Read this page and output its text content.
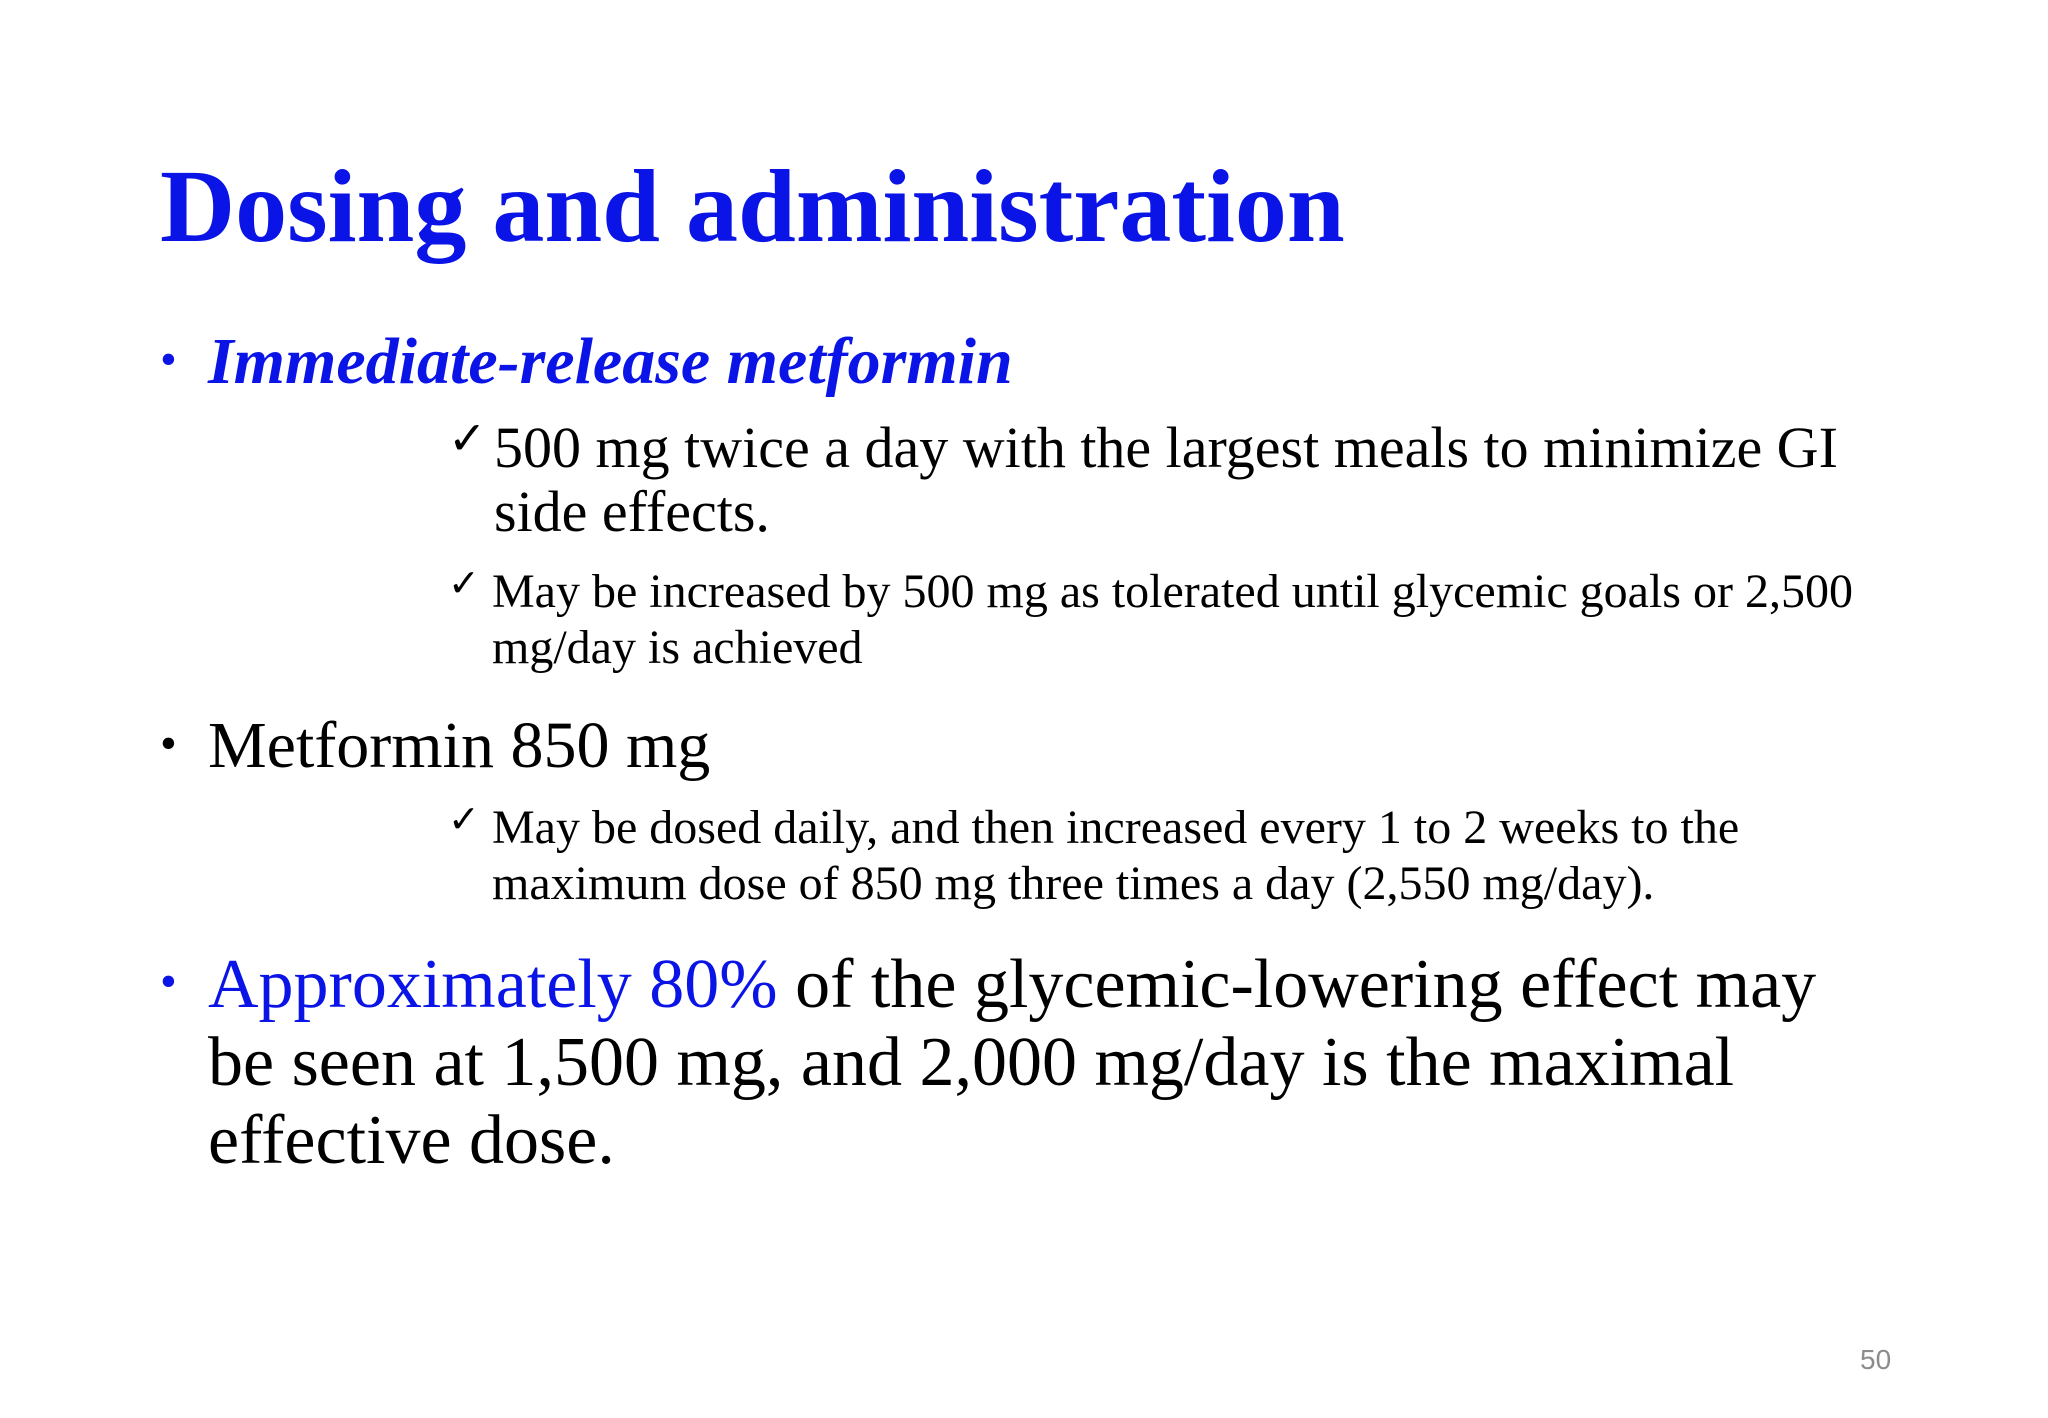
Dosing and administration
• Immediate-release metformin
✓ 500 mg twice a day with the largest meals to minimize GI side effects.
✓ May be increased by 500 mg as tolerated until glycemic goals or 2,500 mg/day is achieved
• Metformin 850 mg
✓ May be dosed daily, and then increased every 1 to 2 weeks to the maximum dose of 850 mg three times a day (2,550 mg/day).
• Approximately 80% of the glycemic-lowering effect may be seen at 1,500 mg, and 2,000 mg/day is the maximal effective dose.
50
